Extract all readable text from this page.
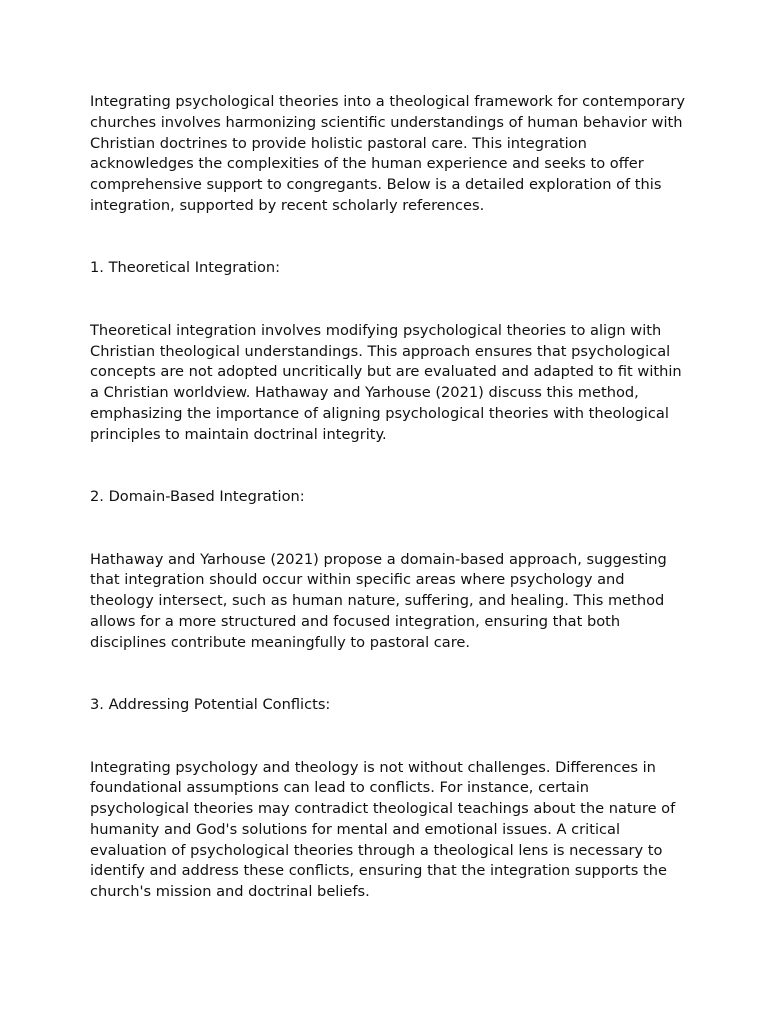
Integrating psychological theories into a theological framework for contemporary churches involves harmonizing scientific understandings of human behavior with Christian doctrines to provide holistic pastoral care. This integration acknowledges the complexities of the human experience and seeks to offer comprehensive support to congregants. Below is a detailed exploration of this integration, supported by recent scholarly references.

1. Theoretical Integration:

Theoretical integration involves modifying psychological theories to align with Christian theological understandings. This approach ensures that psychological concepts are not adopted uncritically but are evaluated and adapted to fit within a Christian worldview. Hathaway and Yarhouse (2021) discuss this method, emphasizing the importance of aligning psychological theories with theological principles to maintain doctrinal integrity.

2. Domain-Based Integration:

Hathaway and Yarhouse (2021) propose a domain-based approach, suggesting that integration should occur within specific areas where psychology and theology intersect, such as human nature, suffering, and healing. This method allows for a more structured and focused integration, ensuring that both disciplines contribute meaningfully to pastoral care.

3. Addressing Potential Conflicts:

Integrating psychology and theology is not without challenges. Differences in foundational assumptions can lead to conflicts. For instance, certain psychological theories may contradict theological teachings about the nature of humanity and God's solutions for mental and emotional issues. A critical evaluation of psychological theories through a theological lens is necessary to identify and address these conflicts, ensuring that the integration supports the church's mission and doctrinal beliefs.
